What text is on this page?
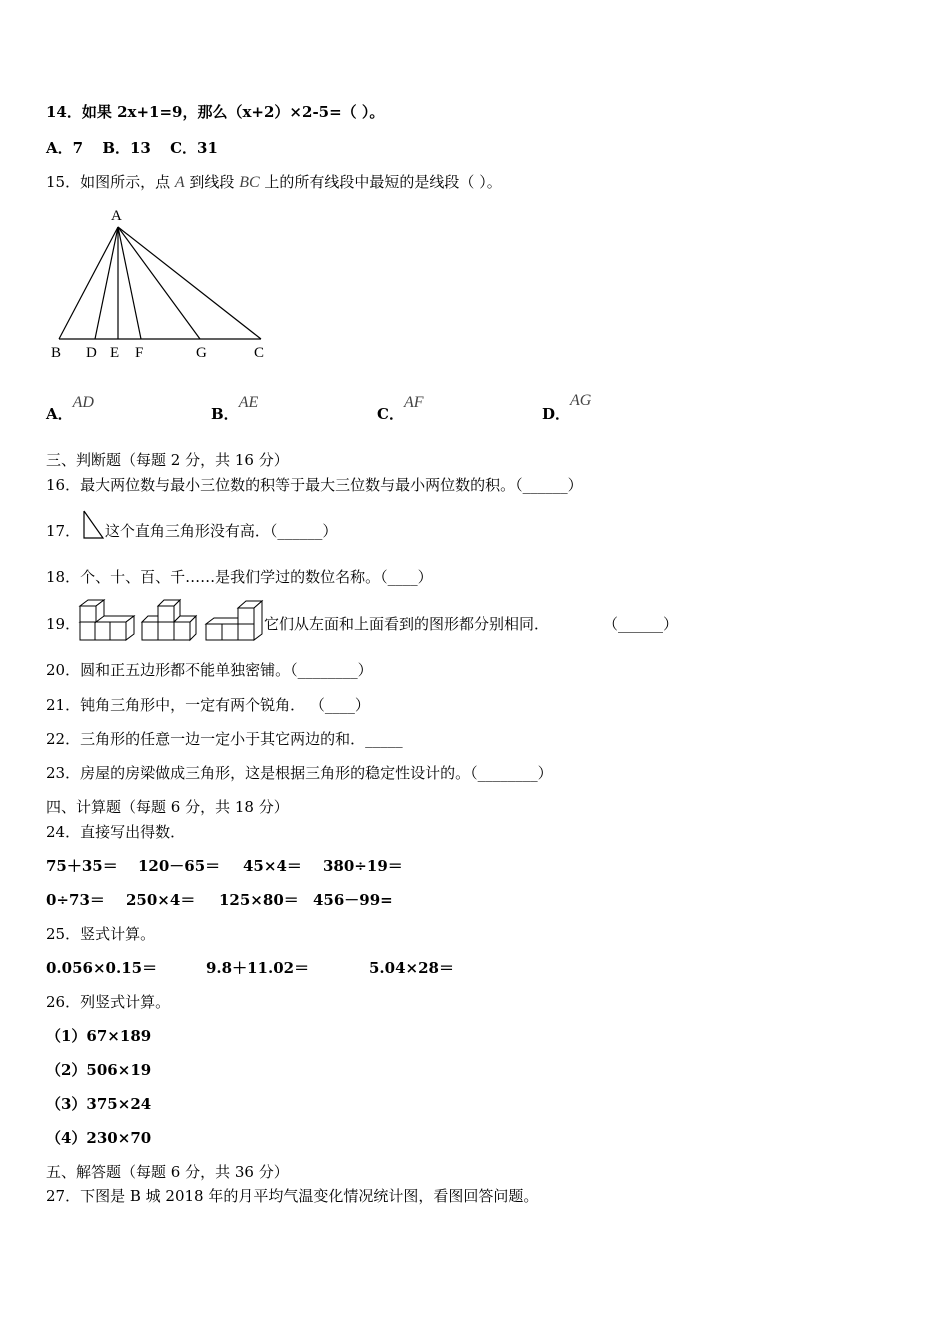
14．如果 2x+1=9，那么（x+2）×2-5=（ ）。
A．7 B．13 C．31
15．如图所示，点 A 到线段 BC 上的所有线段中最短的是线段（ ）。
A
B D E F	G	C
A．AD
B．AE
C．AF
D．AG
三、判断题（每题 2 分，共 16 分）
16．最大两位数与最小三位数的积等于最大三位数与最小两位数的积。（______）
17． 这个直角三角形没有高．（______）
18．个、十、百、千……是我们学过的数位名称。（____）
19．	它们从左面和上面看到的图形都分别相同．	（______）
20．圆和正五边形都不能单独密铺。（________）
21．钝角三角形中，一定有两个锐角． （____）
22．三角形的任意一边一定小于其它两边的和．_____
23．房屋的房梁做成三角形，这是根据三角形的稳定性设计的。（________）
四、计算题（每题 6 分，共 18 分）
24．直接写出得数．
75＋35＝ 120－65＝ 45×4＝ 380÷19＝
0÷73＝ 250×4＝ 125×80＝ 456－99=
25．竖式计算。
0.056×0.15＝	9.8＋11.02＝	5.04×28＝
26．列竖式计算。
（1）67×189
（2）506×19
（3）375×24
（4）230×70
五、解答题（每题 6 分，共 36 分）
27．下图是 B 城 2018 年的月平均气温变化情况统计图，看图回答问题。
